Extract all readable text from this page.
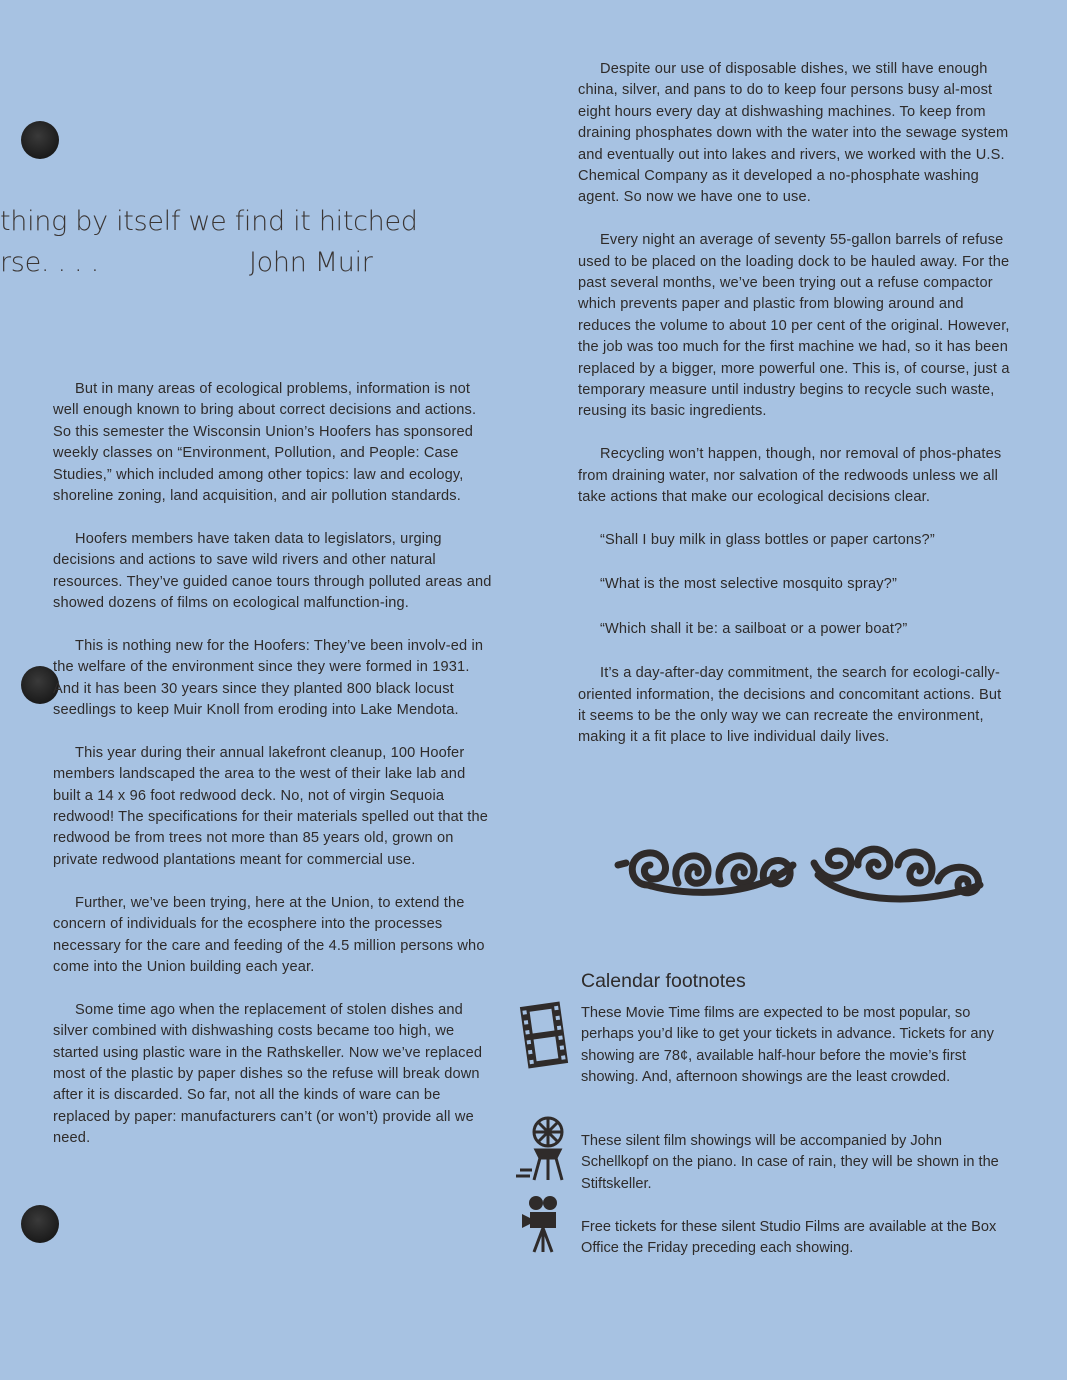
thing by itself we find it hitched
rse. . . .	John Muir

But in many areas of ecological problems, information is not well enough known to bring about correct decisions and actions. So this semester the Wisconsin Union’s Hoofers has sponsored weekly classes on “Environment, Pollution, and People: Case Studies,” which included among other topics: law and ecology, shoreline zoning, land acquisition, and air pollution standards.

Hoofers members have taken data to legislators, urging decisions and actions to save wild rivers and other natural resources. They’ve guided canoe tours through polluted areas and showed dozens of films on ecological malfunction-ing.

This is nothing new for the Hoofers: They’ve been involv-ed in the welfare of the environment since they were formed in 1931. And it has been 30 years since they planted 800 black locust seedlings to keep Muir Knoll from eroding into Lake Mendota.

This year during their annual lakefront cleanup, 100 Hoofer members landscaped the area to the west of their lake lab and built a 14 x 96 foot redwood deck. No, not of virgin Sequoia redwood! The specifications for their materials spelled out that the redwood be from trees not more than 85 years old, grown on private redwood plantations meant for commercial use.

Further, we’ve been trying, here at the Union, to extend the concern of individuals for the ecosphere into the processes necessary for the care and feeding of the 4.5 million persons who come into the Union building each year.

Some time ago when the replacement of stolen dishes and silver combined with dishwashing costs became too high, we started using plastic ware in the Rathskeller. Now we’ve replaced most of the plastic by paper dishes so the refuse will break down after it is discarded. So far, not all the kinds of ware can be replaced by paper: manufacturers can’t (or won’t) provide all we need.

Despite our use of disposable dishes, we still have enough china, silver, and pans to do to keep four persons busy al-most eight hours every day at dishwashing machines. To keep from draining phosphates down with the water into the sewage system and eventually out into lakes and rivers, we worked with the U.S. Chemical Company as it developed a no-phosphate washing agent. So now we have one to use.

Every night an average of seventy 55-gallon barrels of refuse used to be placed on the loading dock to be hauled away. For the past several months, we’ve been trying out a refuse compactor which prevents paper and plastic from blowing around and reduces the volume to about 10 per cent of the original. However, the job was too much for the first machine we had, so it has been replaced by a bigger, more powerful one. This is, of course, just a temporary measure until industry begins to recycle such waste, reusing its basic ingredients.

Recycling won’t happen, though, nor removal of phos-phates from draining water, nor salvation of the redwoods unless we all take actions that make our ecological decisions clear.

“Shall I buy milk in glass bottles or paper cartons?”

“What is the most selective mosquito spray?”

“Which shall it be: a sailboat or a power boat?”

It’s a day-after-day commitment, the search for ecologi-cally-oriented information, the decisions and concomitant actions. But it seems to be the only way we can recreate the environment, making it a fit place to live individual daily lives.

Calendar footnotes
These Movie Time films are expected to be most popular, so perhaps you’d like to get your tickets in advance. Tickets for any showing are 78¢, available half-hour before the movie’s first showing. And, afternoon showings are the least crowded.
These silent film showings will be accompanied by John Schellkopf on the piano. In case of rain, they will be shown in the Stiftskeller.
Free tickets for these silent Studio Films are available at the Box Office the Friday preceding each showing.
